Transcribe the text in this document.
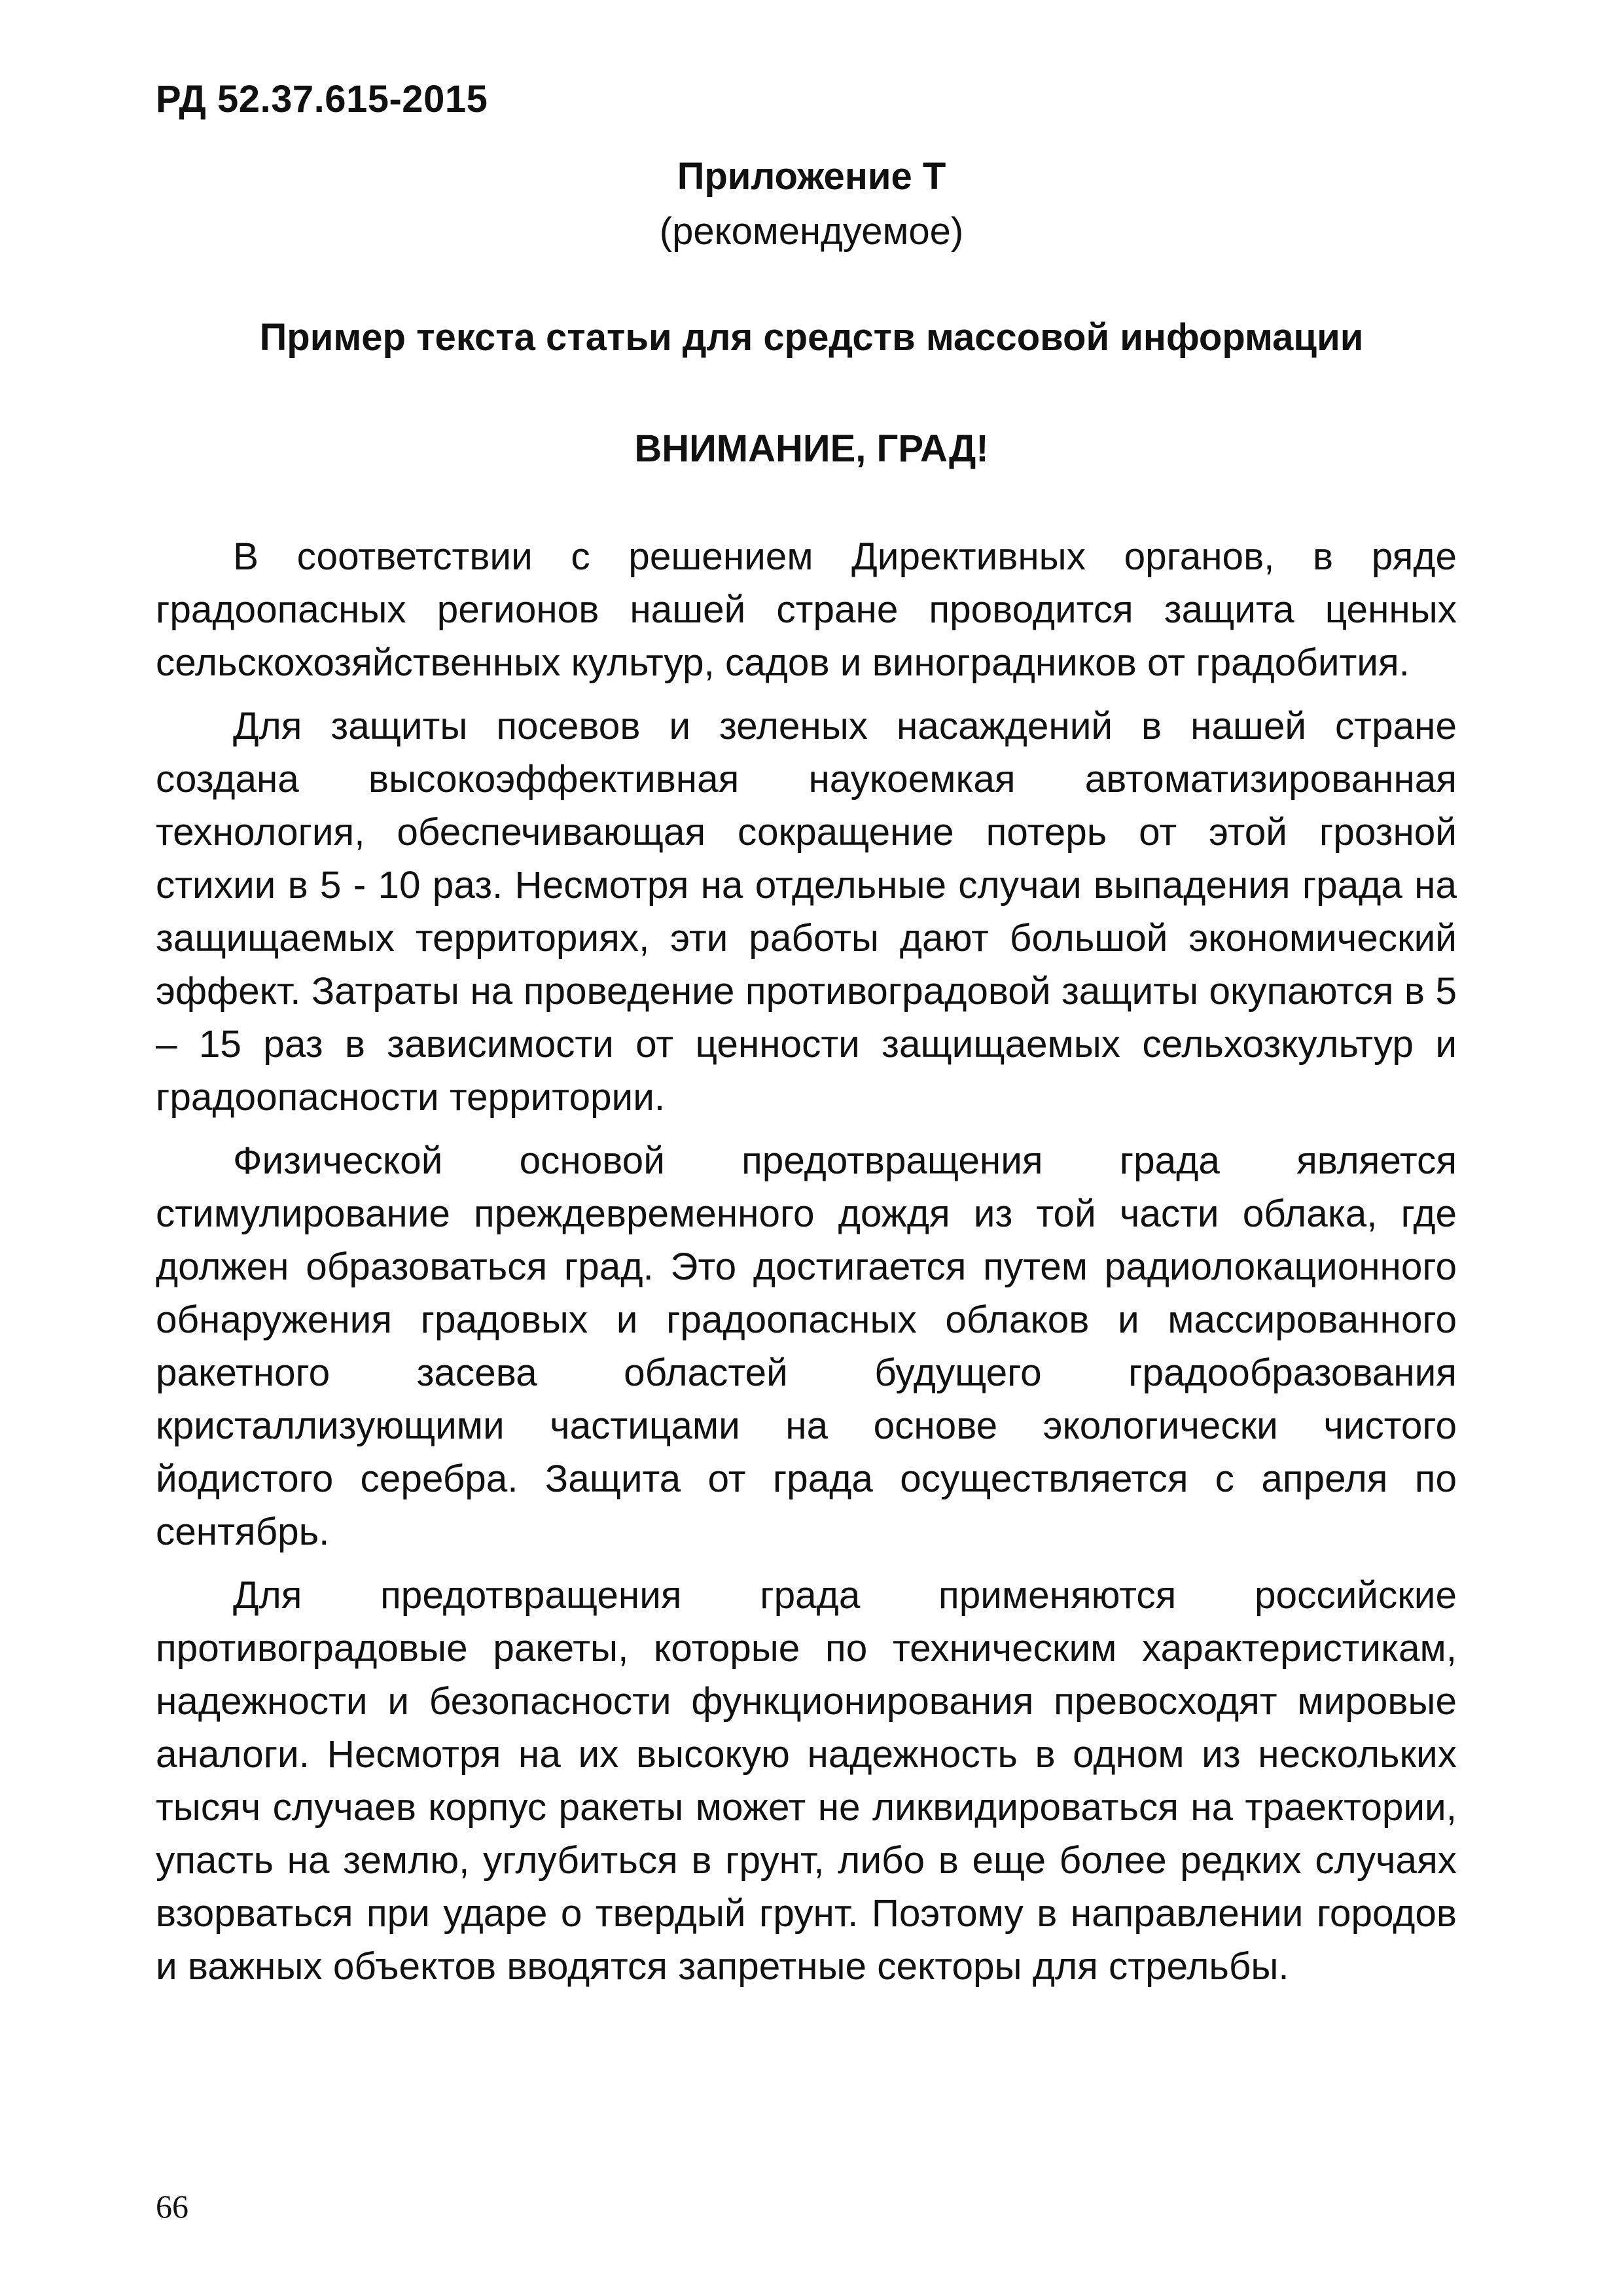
РД 52.37.615-2015
Приложение Т
(рекомендуемое)
Пример текста статьи для средств массовой информации
ВНИМАНИЕ, ГРАД!

В соответствии с решением Директивных органов, в ряде градоопасных регионов нашей стране проводится защита ценных сельскохозяйственных культур, садов и виноградников от градобития.

Для защиты посевов и зеленых насаждений в нашей стране создана высокоэффективная наукоемкая автоматизированная технология, обеспечивающая сокращение потерь от этой грозной стихии в 5 - 10 раз. Несмотря на отдельные случаи выпадения града на защищаемых территориях, эти работы дают большой экономический эффект. Затраты на проведение противоградовой защиты окупаются в 5 – 15 раз в зависимости от ценности защищаемых сельхозкультур и градоопасности территории.

Физической основой предотвращения града является стимулирование преждевременного дождя из той части облака, где должен образоваться град. Это достигается путем радиолокационного обнаружения градовых и градоопасных облаков и массированного ракетного засева областей будущего градообразования кристаллизующими частицами на основе экологически чистого йодистого серебра. Защита от града осуществляется с апреля по сентябрь.

Для предотвращения града применяются российские противоградовые ракеты, которые по техническим характеристикам, надежности и безопасности функционирования превосходят мировые аналоги. Несмотря на их высокую надежность в одном из нескольких тысяч случаев корпус ракеты может не ликвидироваться на траектории, упасть на землю, углубиться в грунт, либо в еще более редких случаях взорваться при ударе о твердый грунт. Поэтому в направлении городов и важных объектов вводятся запретные секторы для стрельбы.

66
